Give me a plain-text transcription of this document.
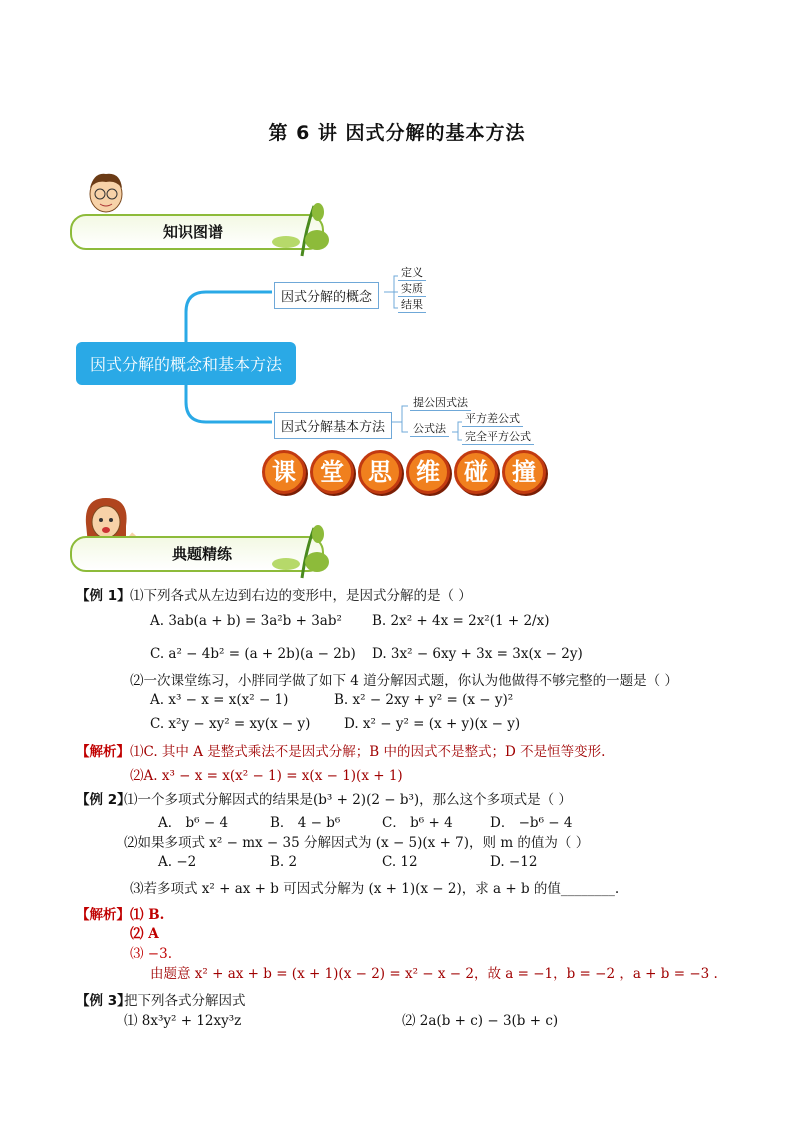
第 6 讲 因式分解的基本方法
知识图谱
因式分解的概念和基本方法
因式分解的概念
定义
实质
结果
因式分解基本方法
提公因式法
公式法
平方差公式
完全平方公式
课 堂 思 维 碰 撞
典题精练
【例 1】 ⑴下列各式从左边到右边的变形中，是因式分解的是（ ）
A. 3ab(a + b) = 3a²b + 3ab² B. 2x² + 4x = 2x²(1 + 2/x)
C. a² − 4b² = (a + 2b)(a − 2b) D. 3x² − 6xy + 3x = 3x(x − 2y)
⑵一次课堂练习，小胖同学做了如下 4 道分解因式题，你认为他做得不够完整的一题是（ ）
A. x³ − x = x(x² − 1)	B. x² − 2xy + y² = (x − y)²
C. x²y − xy² = xy(x − y) D. x² − y² = (x + y)(x − y)
【解析】 ⑴C. 其中 A 是整式乘法不是因式分解；B 中的因式不是整式；D 不是恒等变形.
⑵A. x³ − x = x(x² − 1) = x(x − 1)(x + 1)
【例 2】
⑴一个多项式分解因式的结果是(b³ + 2)(2 − b³)，那么这个多项式是（ ）
A． b⁶ − 4	B． 4 − b⁶	C． b⁶ + 4	D． −b⁶ − 4
⑵如果多项式 x² − mx − 35 分解因式为 (x − 5)(x + 7)，则 m 的值为（ ）
A. −2	B. 2	C. 12	D. −12
⑶若多项式 x² + ax + b 可因式分解为 (x + 1)(x − 2)，求 a + b 的值________.
【解析】 ⑴ B.
⑵ A
⑶ −3.
由题意 x² + ax + b = (x + 1)(x − 2) = x² − x − 2，故 a = −1，b = −2 ，a + b = −3 .
【例 3】
把下列各式分解因式
⑴ 8x³y² + 12xy³z	⑵ 2a(b + c) − 3(b + c)
